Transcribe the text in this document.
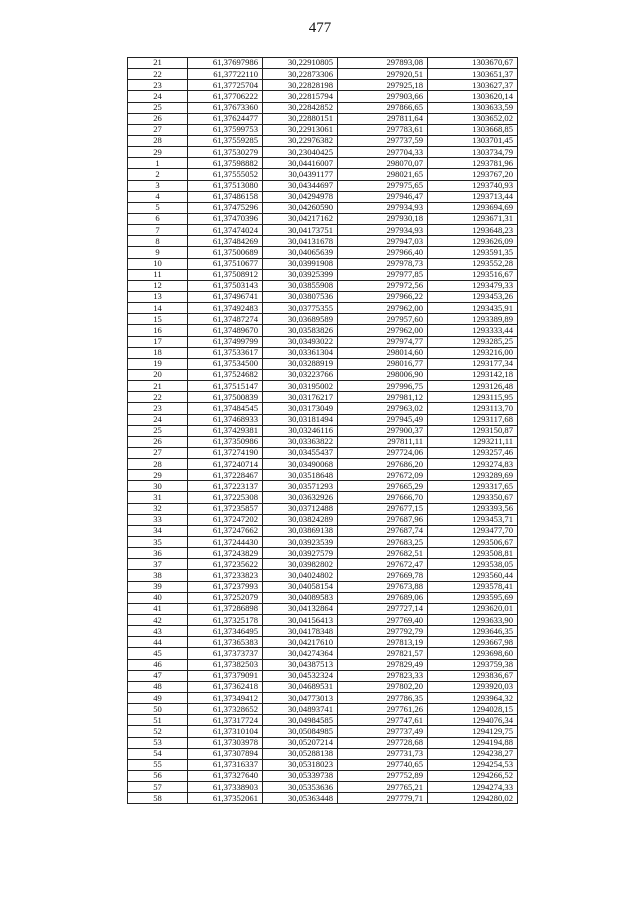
477
21	61,37697986	30,22910805	297893,08	1303670,67
22	61,37722110	30,22873306	297920,51	1303651,37
23	61,37725704	30,22828198	297925,18	1303627,37
24	61,37706222	30,22815794	297903,66	1303620,14
25	61,37673360	30,22842852	297866,65	1303633,59
26	61,37624477	30,22880151	297811,64	1303652,02
27	61,37599753	30,22913061	297783,61	1303668,85
28	61,37559285	30,22976382	297737,59	1303701,45
29	61,37530279	30,23040425	297704,33	1303734,79
1	61,37598882	30,04416007	298070,07	1293781,96
2	61,37555052	30,04391177	298021,65	1293767,20
3	61,37513080	30,04344697	297975,65	1293740,93
4	61,37486158	30,04294978	297946,47	1293713,44
5	61,37475296	30,04260590	297934,93	1293694,69
6	61,37470396	30,04217162	297930,18	1293671,31
7	61,37474024	30,04173751	297934,93	1293648,23
8	61,37484269	30,04131678	297947,03	1293626,09
9	61,37500689	30,04065639	297966,40	1293591,35
10	61,37510677	30,03991908	297978,73	1293552,28
11	61,37508912	30,03925399	297977,85	1293516,67
12	61,37503143	30,03855908	297972,56	1293479,33
13	61,37496741	30,03807536	297966,22	1293453,26
14	61,37492483	30,03775355	297962,00	1293435,91
15	61,37487274	30,03689589	297957,60	1293389,89
16	61,37489670	30,03583826	297962,00	1293333,44
17	61,37499799	30,03493022	297974,77	1293285,25
18	61,37533617	30,03361304	298014,60	1293216,00
19	61,37534500	30,03288919	298016,77	1293177,34
20	61,37524682	30,03223766	298006,90	1293142,18
21	61,37515147	30,03195002	297996,75	1293126,48
22	61,37500839	30,03176217	297981,12	1293115,95
23	61,37484545	30,03173049	297963,02	1293113,70
24	61,37468933	30,03181494	297945,49	1293117,68
25	61,37429381	30,03246116	297900,37	1293150,87
26	61,37350986	30,03363822	297811,11	1293211,11
27	61,37274190	30,03455437	297724,06	1293257,46
28	61,37240714	30,03490068	297686,20	1293274,83
29	61,37228467	30,03518648	297672,09	1293289,69
30	61,37223137	30,03571293	297665,29	1293317,65
31	61,37225308	30,03632926	297666,70	1293350,67
32	61,37235857	30,03712488	297677,15	1293393,56
33	61,37247202	30,03824289	297687,96	1293453,71
34	61,37247662	30,03869138	297687,74	1293477,70
35	61,37244430	30,03923539	297683,25	1293506,67
36	61,37243829	30,03927579	297682,51	1293508,81
37	61,37235622	30,03982802	297672,47	1293538,05
38	61,37233823	30,04024802	297669,78	1293560,44
39	61,37237993	30,04058154	297673,88	1293578,41
40	61,37252079	30,04089583	297689,06	1293595,69
41	61,37286898	30,04132864	297727,14	1293620,01
42	61,37325178	30,04156413	297769,40	1293633,90
43	61,37346495	30,04178348	297792,79	1293646,35
44	61,37365383	30,04217610	297813,19	1293667,98
45	61,37373737	30,04274364	297821,57	1293698,60
46	61,37382503	30,04387513	297829,49	1293759,38
47	61,37379091	30,04532324	297823,33	1293836,67
48	61,37362418	30,04689531	297802,20	1293920,03
49	61,37349412	30,04773013	297786,35	1293964,32
50	61,37328652	30,04893741	297761,26	1294028,15
51	61,37317724	30,04984585	297747,61	1294076,34
52	61,37310104	30,05084985	297737,49	1294129,75
53	61,37303978	30,05207214	297728,68	1294194,88
54	61,37307894	30,05288138	297731,73	1294238,27
55	61,37316337	30,05318023	297740,65	1294254,53
56	61,37327640	30,05339738	297752,89	1294266,52
57	61,37338903	30,05353636	297765,21	1294274,33
58	61,37352061	30,05363448	297779,71	1294280,02
